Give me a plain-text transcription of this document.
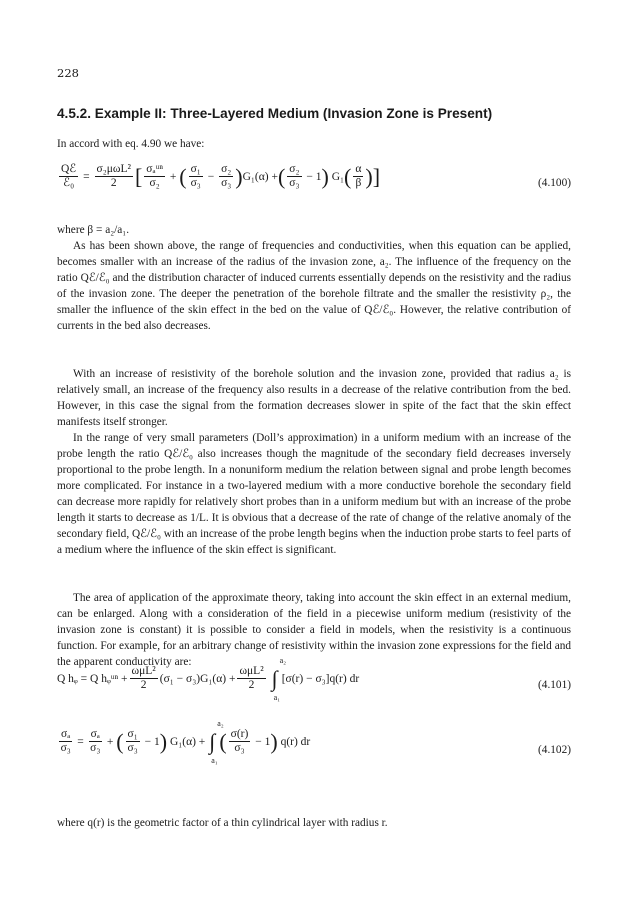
228
4.5.2. Example II: Three-Layered Medium (Invasion Zone is Present)
In accord with eq. 4.90 we have:
$\frac{\text{Qℰ}}{\text{ℰ₀}} = \frac{\text{σ₂μωL²}}{2}$ [ $\frac{\text{σₐᵘⁿ}}{\text{σ₂}}$ + ( $\frac{\text{σ₁}}{\text{σ₃}} - \frac{\text{σ₂}}{\text{σ₃}}$ ) G₁(α) + ( $\frac{\text{σ₂}}{\text{σ₃}} - 1$ )
G₁ ( $\frac{\alpha}{\beta}$ )]	(4.100)
where β = a₂/a₁.
As has been shown above, the range of frequencies and conductivities, when this equation can be applied, becomes smaller with an increase of the radius of the invasion zone, a₂. The influence of the frequency on the ratio Qℰ/ℰ₀ and the distribution character of induced currents essentially depends on the resistivity and the radius of the invasion zone. The deeper the penetration of the borehole filtrate and the smaller the resistivity ρ₂, the smaller the influence of the skin effect in the bed on the value of Qℰ/ℰ₀. However, the relative contribution of currents in the bed also decreases.
With an increase of resistivity of the borehole solution and the invasion zone, provided that radius a₂ is relatively small, an increase of the frequency also results in a decrease of the relative contribution from the bed. However, in this case the signal from the formation decreases slower in spite of the fact that the skin effect manifests itself stronger.
In the range of very small parameters (Doll’s approximation) in a uniform medium with an increase of the probe length the ratio Qℰ/ℰ₀ also increases though the magnitude of the secondary field decreases inversely proportional to the probe length. In a nonuniform medium the relation between signal and probe length becomes more complicated. For instance in a two-layered medium with a more conductive borehole the secondary field can decrease more rapidly for relatively short probes than in a uniform medium but with an increase of the probe length it starts to decrease as 1/L. It is obvious that a decrease of the rate of change of the relative anomaly of the secondary field, Qℰ/ℰ₀ with an increase of the probe length begins when the induction probe starts to feel parts of a medium where the influence of the skin effect is significant.
The area of application of the approximate theory, taking into account the skin effect in an external medium, can be enlarged. Along with a consideration of the field in a piecewise uniform medium (resistivity of the invasion zone is constant) it is possible to consider a field in models, when the resistivity is a continuous function. For example, for an arbitrary change of resistivity within the invasion zone expressions for the field and the apparent conductivity are:
Q hᵩ = Q hᵩᵘⁿ + $\frac{\text{ωμL²}}{2} (\sigma_1 - \sigma_3)G_1(\alpha) + \frac{\text{ωμL²}}{2}$ ∫
a₂
a₁
[σ(r) − σ₃]q(r) dr
(4.101)
$\frac{\text{σₐ}}{\text{σ₃}} = \frac{\text{σₐ}}{\text{σ₃}}$ + ( $\frac{\text{σ₁}}{\text{σ₃}} - 1$ )
G₁(α) + ∫
a₂
a₁
( $\frac{\sigma(r)}{\text{σ₃}} - 1$ )
q(r) dr
(4.102)
where q(r) is the geometric factor of a thin cylindrical layer with radius r.
